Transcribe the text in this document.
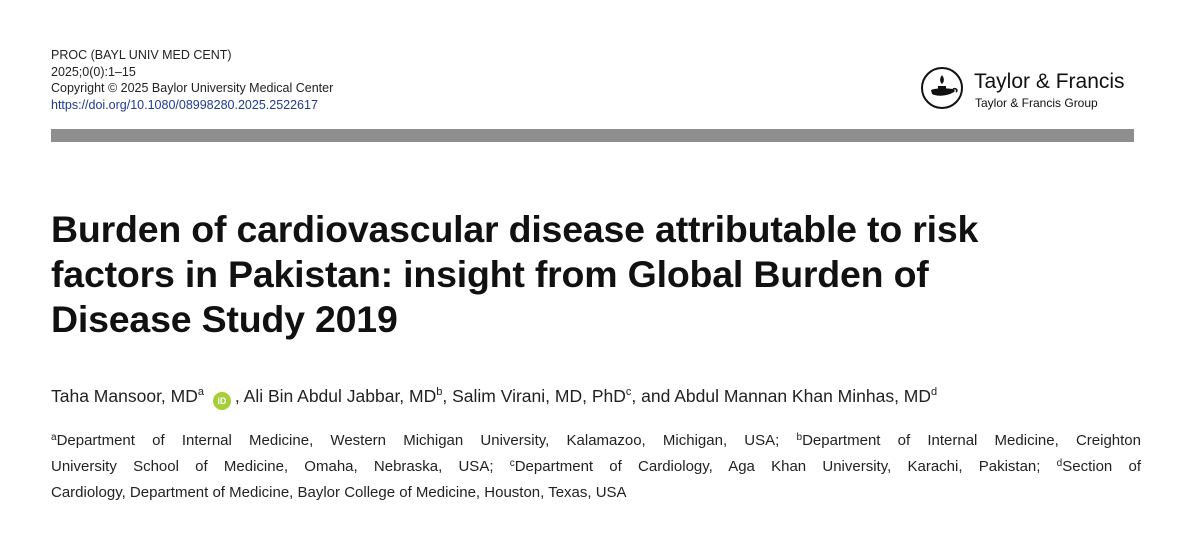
PROC (BAYL UNIV MED CENT)
2025;0(0):1–15
Copyright © 2025 Baylor University Medical Center
https://doi.org/10.1080/08998280.2025.2522617
Taylor & Francis
Taylor & Francis Group
Burden of cardiovascular disease attributable to risk
factors in Pakistan: insight from Global Burden of
Disease Study 2019
Taha Mansoor, $MD^a$ iD , Ali Bin Abdul Jabbar, $MD^b$, Salim Virani, MD, PhD$^c$, and Abdul Mannan Khan Minhas, $MD^d$
$^a$Department of Internal Medicine, Western Michigan University, Kalamazoo, Michigan, USA; $^b$Department of Internal Medicine, Creighton
University School of Medicine, Omaha, Nebraska, USA; $^c$Department of Cardiology, Aga Khan University, Karachi, Pakistan; $^d$Section of
Cardiology, Department of Medicine, Baylor College of Medicine, Houston, Texas, USA
